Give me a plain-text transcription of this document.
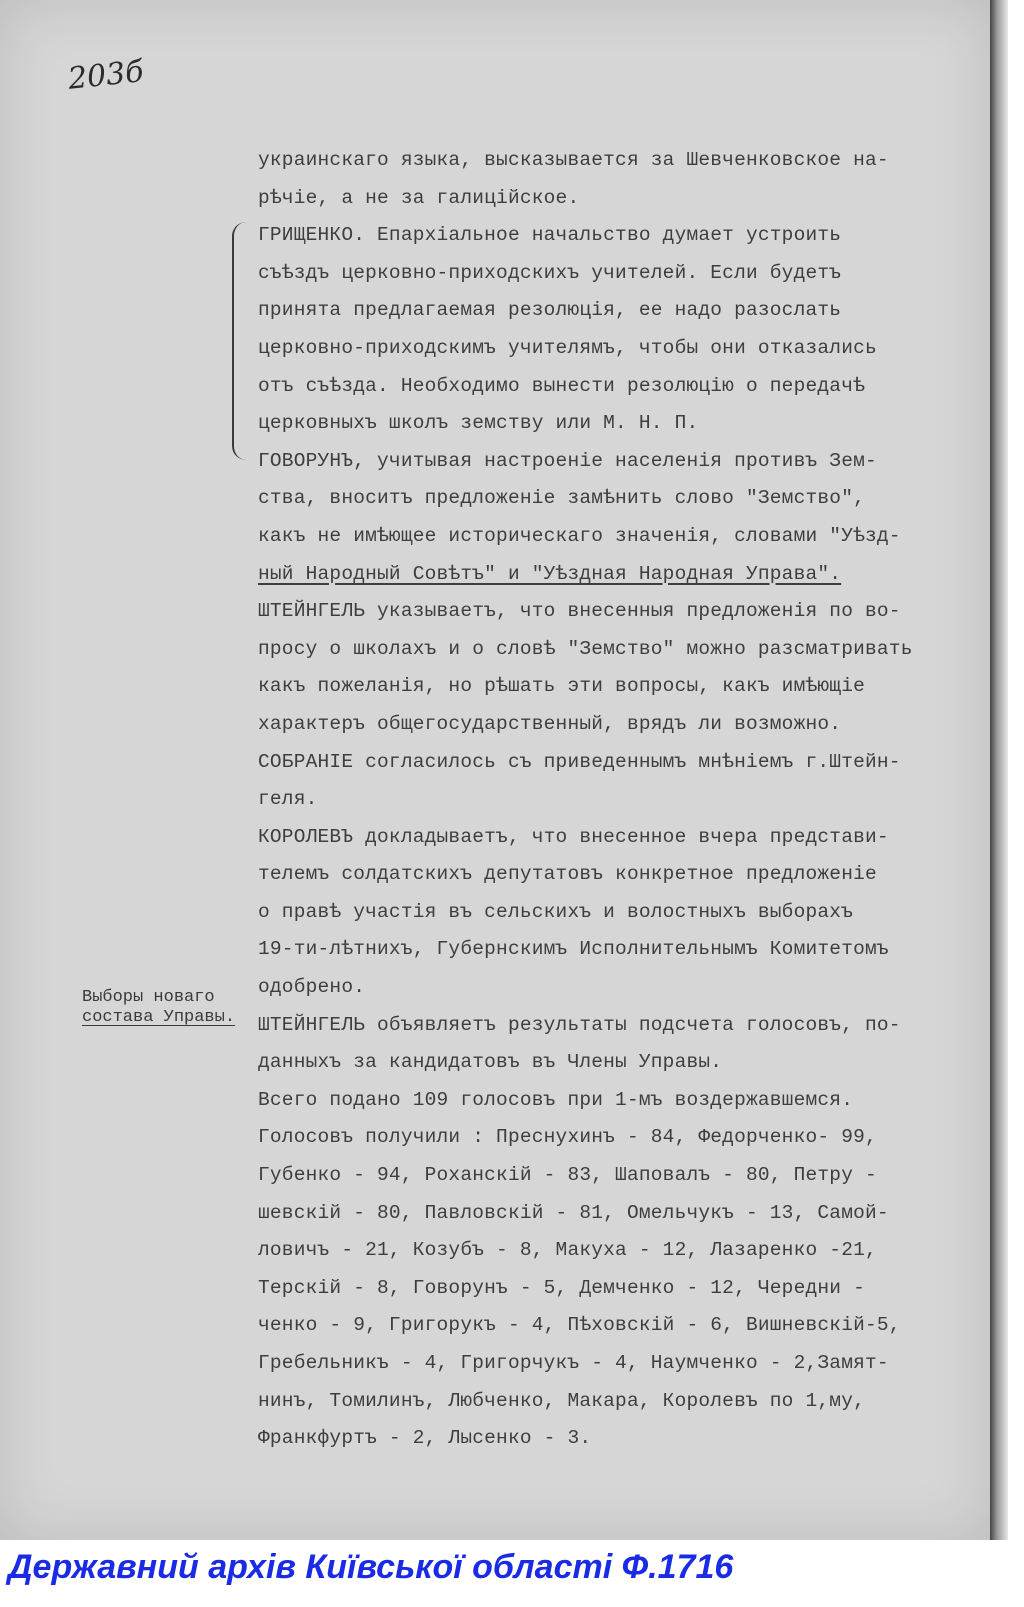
203б
Выборы новаго
состава Управы.
украинскаго языка, высказывается за Шевченковское на-
рѣчіе, а не за галиційское.
ГРИЩЕНКО. Епархіальное начальство думает устроить
съѣздъ церковно-приходскихъ учителей. Если будетъ
принята предлагаемая резолюція, ее надо разослать
церковно-приходскимъ учителямъ, чтобы они отказались
отъ съѣзда. Необходимо вынести резолюцію о передачѣ
церковныхъ школъ земству или М. Н. П.
ГОВОРУНЪ, учитывая настроеніе населенія противъ Зем-
ства, вноситъ предложеніе замѣнить слово "Земство",
какъ не имѣющее историческаго значенія, словами "Уѣзд-
ный Народный Совѣтъ" и "Уѣздная Народная Управа".
ШТЕЙНГЕЛЬ указываетъ, что внесенныя предложенія по во-
просу о школахъ и о словѣ "Земство" можно разсматривать
какъ пожеланія, но рѣшать эти вопросы, какъ имѣющіе
характеръ общегосударственный, врядъ ли возможно.
СОБРАНІЕ согласилось съ приведеннымъ мнѣніемъ г.Штейн-
геля.
КОРОЛЕВЪ докладываетъ, что внесенное вчера представи-
телемъ солдатскихъ депутатовъ конкретное предложеніе
о правѣ участія въ сельскихъ и волостныхъ выборахъ
19-ти-лѣтнихъ, Губернскимъ Исполнительнымъ Комитетомъ
одобрено.
ШТЕЙНГЕЛЬ объявляетъ результаты подсчета голосовъ, по-
данныхъ за кандидатовъ въ Члены Управы.
Всего подано 109 голосовъ при 1-мъ воздержавшемся.
Голосовъ получили : Преснухинъ - 84, Федорченко- 99,
Губенко - 94, Роханскій - 83, Шаповалъ - 80, Петру -
шевскій - 80, Павловскій - 81, Омельчукъ - 13, Самой-
ловичъ - 21, Козубъ - 8, Макуха - 12, Лазаренко -21,
Терскій - 8, Говорунъ - 5, Демченко - 12, Чередни -
ченко - 9, Григорукъ - 4, Пѣховскій - 6, Вишневскій-5,
Гребельникъ - 4, Григорчукъ - 4, Наумченко - 2,Замят-
нинъ, Томилинъ, Любченко, Макара, Королевъ по 1,му,
Франкфуртъ - 2, Лысенко - 3.
Державний архів Київської області Ф.1716
